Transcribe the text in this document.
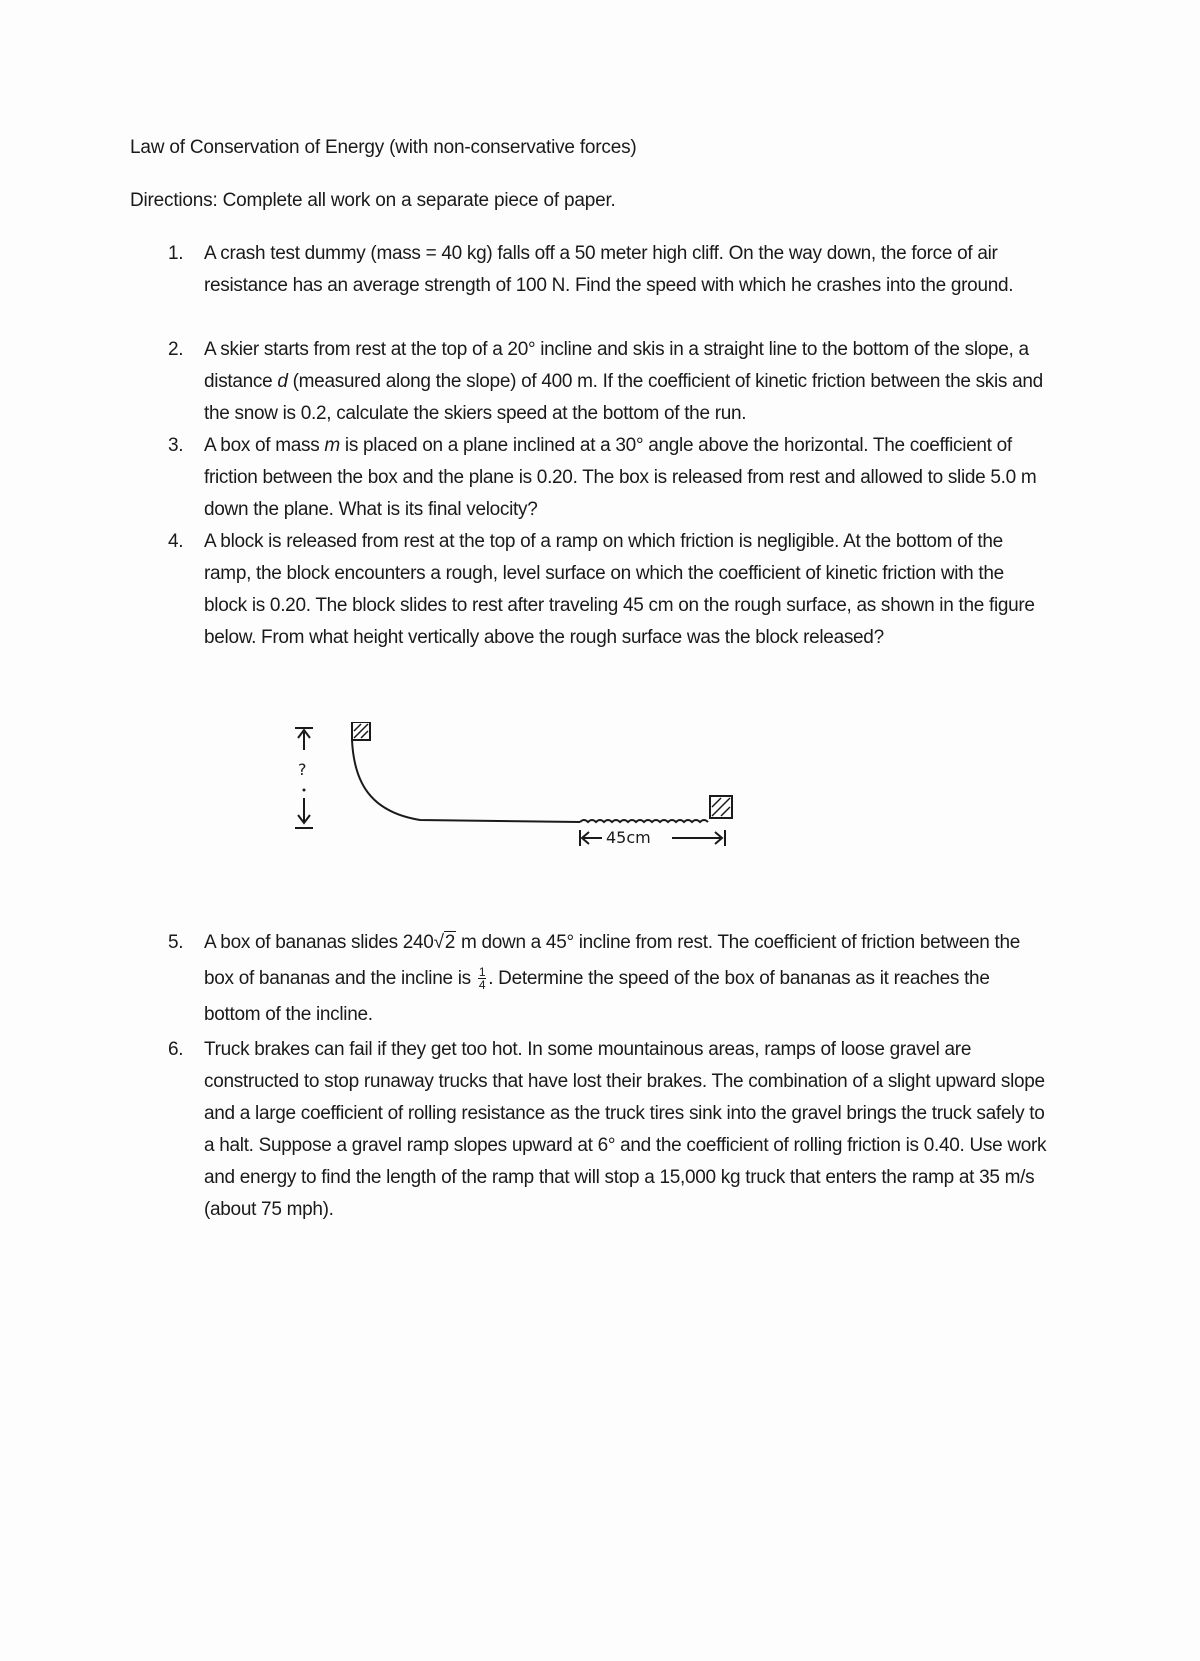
Law of Conservation of Energy (with non-conservative forces)
Directions: Complete all work on a separate piece of paper.
1.	A crash test dummy (mass = 40 kg) falls off a 50 meter high cliff. On the way down, the force of air resistance has an average strength of 100 N. Find the speed with which he crashes into the ground.
2.	A skier starts from rest at the top of a 20° incline and skis in a straight line to the bottom of the slope, a distance d (measured along the slope) of 400 m. If the coefficient of kinetic friction between the skis and the snow is 0.2, calculate the skiers speed at the bottom of the run.
3.	A box of mass m is placed on a plane inclined at a 30° angle above the horizontal. The coefficient of friction between the box and the plane is 0.20. The box is released from rest and allowed to slide 5.0 m down the plane. What is its final velocity?
4.	A block is released from rest at the top of a ramp on which friction is negligible. At the bottom of the ramp, the block encounters a rough, level surface on which the coefficient of kinetic friction with the block is 0.20. The block slides to rest after traveling 45 cm on the rough surface, as shown in the figure below. From what height vertically above the rough surface was the block released?
?
45cm
5.	A box of bananas slides 240√2 m down a 45° incline from rest. The coefficient of friction between the box of bananas and the incline is $\frac{1}{4}$ . Determine the speed of the box of bananas as it reaches the bottom of the incline.
6.	Truck brakes can fail if they get too hot. In some mountainous areas, ramps of loose gravel are constructed to stop runaway trucks that have lost their brakes. The combination of a slight upward slope and a large coefficient of rolling resistance as the truck tires sink into the gravel brings the truck safely to a halt. Suppose a gravel ramp slopes upward at 6° and the coefficient of rolling friction is 0.40. Use work and energy to find the length of the ramp that will stop a 15,000 kg truck that enters the ramp at 35 m/s (about 75 mph).
